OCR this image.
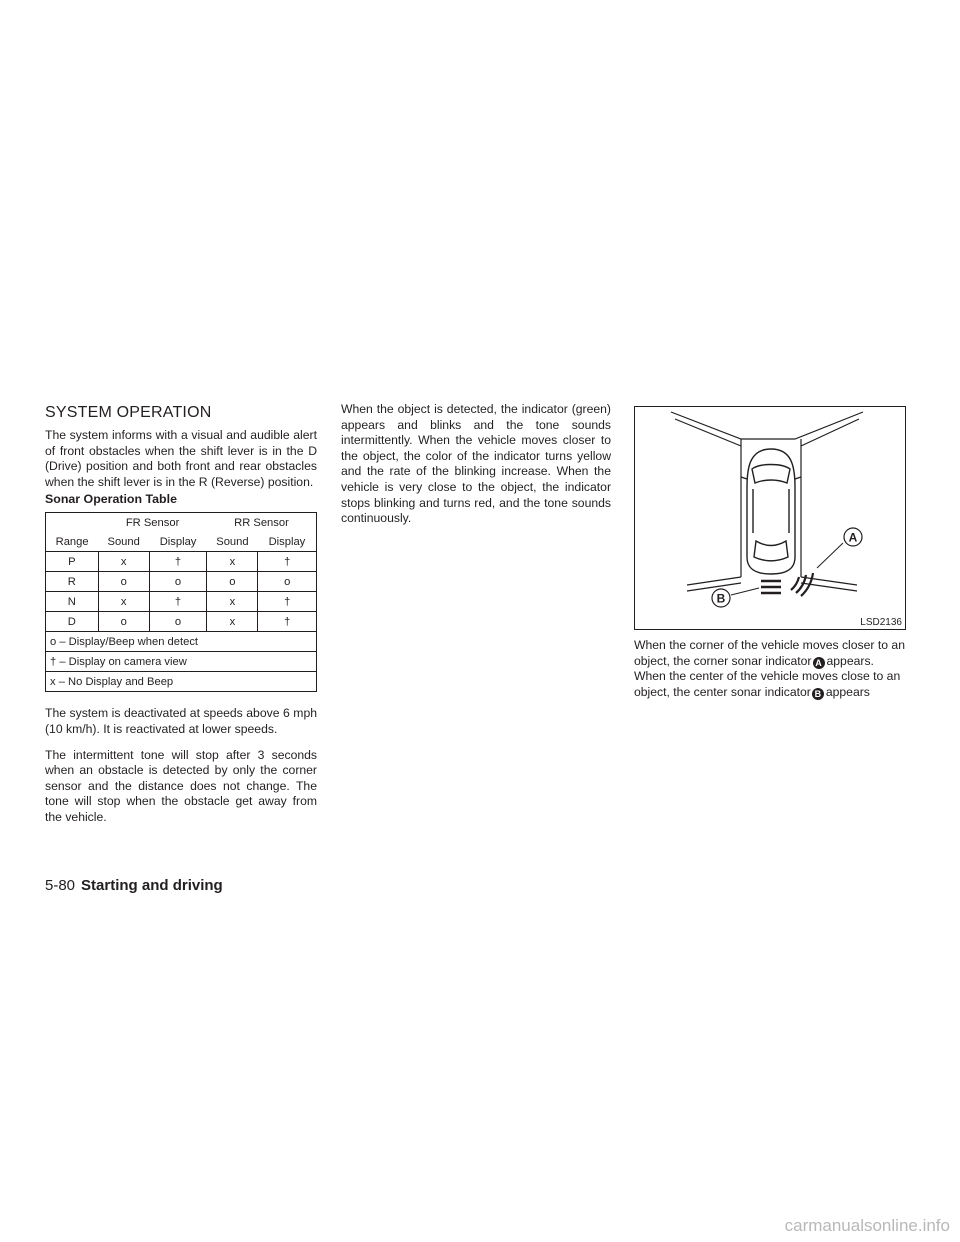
SYSTEM OPERATION

The system informs with a visual and audible alert of front obstacles when the shift lever is in the D (Drive) position and both front and rear obstacles when the shift lever is in the R (Reverse) position.

Sonar Operation Table
	FR Sensor		RR Sensor	
Range	Sound	Display	Sound	Display
P	x	†	x	†
R	o	o	o	o
N	x	†	x	†
D	o	o	x	†
o – Display/Beep when detect				
† – Display on camera view				
x – No Display and Beep				

The system is deactivated at speeds above 6 mph (10 km/h). It is reactivated at lower speeds.

The intermittent tone will stop after 3 seconds when an obstacle is detected by only the corner sensor and the distance does not change. The tone will stop when the obstacle get away from the vehicle.

When the object is detected, the indicator (green) appears and blinks and the tone sounds intermittently. When the vehicle moves closer to the object, the color of the indicator turns yellow and the rate of the blinking increase. When the vehicle is very close to the object, the indicator stops blinking and turns red, and the tone sounds continuously.

A
B
LSD2136

When the corner of the vehicle moves closer to an object, the corner sonar indicator A appears. When the center of the vehicle moves close to an object, the center sonar indicator B appears

5-80 Starting and driving
carmanualsonline.info
